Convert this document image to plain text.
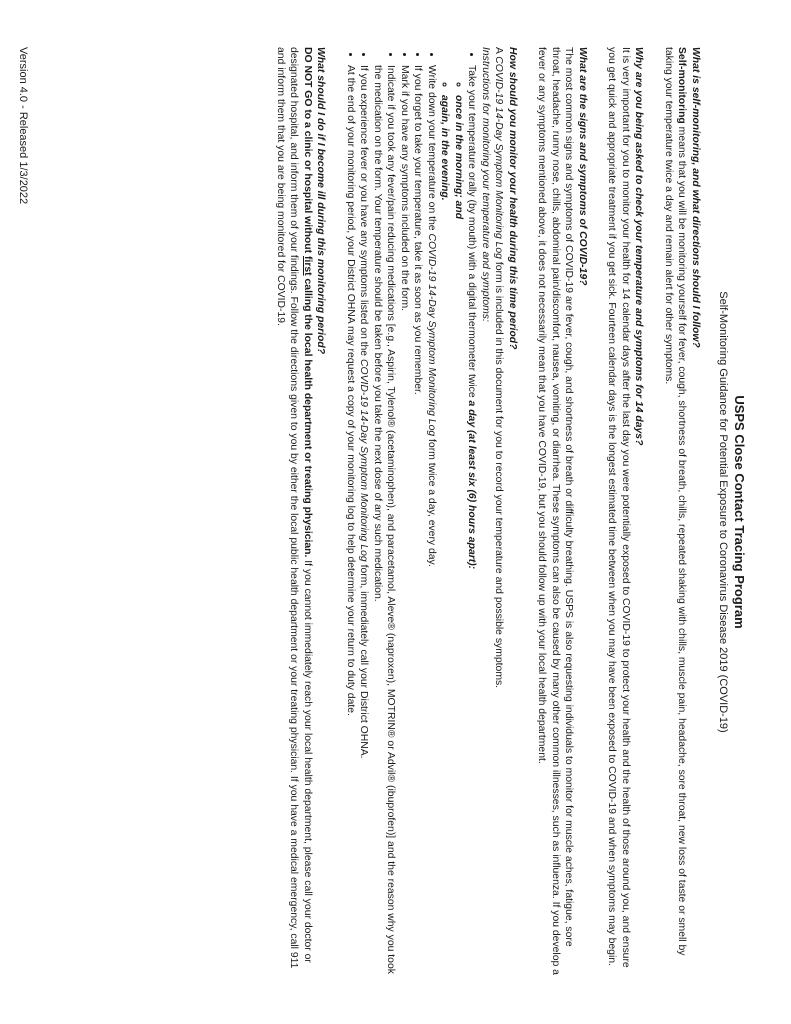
USPS Close Contact Tracing Program
Self-Monitoring Guidance for Potential Exposure to Coronavirus Disease 2019 (COVID-19)

What is self-monitoring, and what directions should I follow?

Self-monitoring means that you will be monitoring yourself for fever, cough, shortness of breath, chills, repeated shaking with chills, muscle pain, headache, sore throat, new loss of taste or smell by taking your temperature twice a day and remain alert for other symptoms.

Why are you being asked to check your temperature and symptoms for 14 days?

It is very important for you to monitor your health for 14 calendar days after the last day you were potentially exposed to COVID-19 to protect your health and the health of those around you, and ensure you get quick and appropriate treatment if you get sick. Fourteen calendar days is the longest estimated time between when you may have been exposed to COVID-19 and when symptoms may begin.

What are the signs and symptoms of COVID-19?

The most common signs and symptoms of COVID-19 are fever, cough, and shortness of breath or difficulty breathing. USPS is also requesting individuals to monitor for muscle aches, fatigue, sore throat, headache, runny nose, chills, abdominal pain/discomfort, nausea, vomiting, or diarrhea. These symptoms can also be caused by many other common illnesses, such as influenza. If you develop a fever or any symptoms mentioned above, it does not necessarily mean that you have COVID-19, but you should follow up with your local health department.

How should you monitor your health during this time period?

A COVID-19 14-Day Symptom Monitoring Log form is included in this document for you to record your temperature and possible symptoms.

Instructions for monitoring your temperature and symptoms:

• Take your temperature orally (by mouth) with a digital thermometer twice a day (at least six (6) hours apart):
◦ once in the morning; and
◦ again, in the evening.
• Write down your temperature on the COVID-19 14-Day Symptom Monitoring Log form twice a day, every day.
• If you forget to take your temperature, take it as soon as you remember.
• Mark if you have any symptoms included on the form.
• Indicate if you took any fever/pain reducing medications [e.g., Aspirin, Tylenol® (acetaminophen), and paracetamol, Aleve® (naproxen), MOTRIN® or Advil® (ibuprofen)] and the reason why you took the medication on the form. Your temperature should be taken before you take the next dose of any such medication.
• If you experience fever or you have any symptoms listed on the COVID-19 14-Day Symptom Monitoring Log form, immediately call your District OHNA.
• At the end of your monitoring period, your District OHNA may request a copy of your monitoring log to help determine your return to duty date.

What should I do if I become ill during this monitoring period?

DO NOT GO to a clinic or hospital without first calling the local health department or treating physician. If you cannot immediately reach your local health department, please call your doctor or designated hospital, and inform them of your findings. Follow the directions given to you by either the local public health department or your treating physician. If you have a medical emergency, call 911 and inform them that you are being monitored for COVID-19.

Version 4.0 - Released 1/3/2022
